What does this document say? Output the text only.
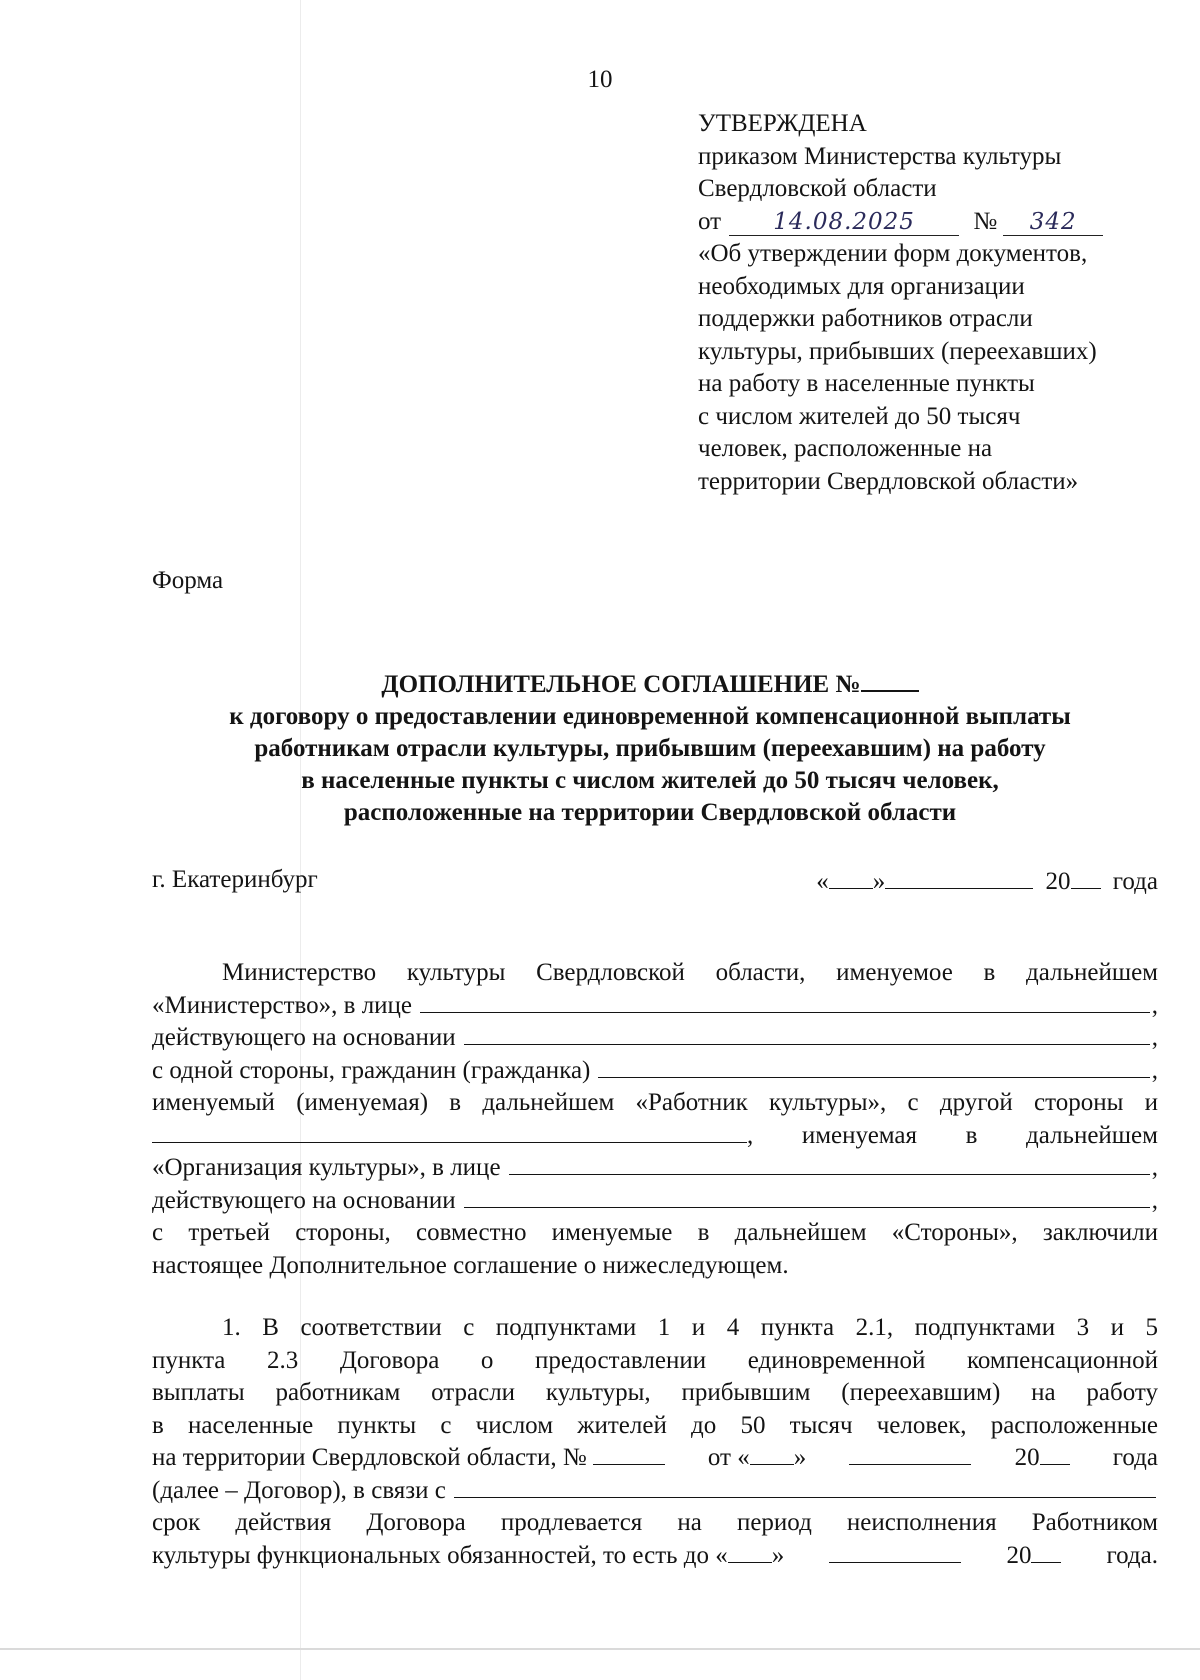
10
УТВЕРЖДЕНА
приказом Министерства культуры
Свердловской области
от 14.08.2025 № 342
«Об утверждении форм документов,
необходимых для организации
поддержки работников отрасли
культуры, прибывших (переехавших)
на работу в населенные пункты
с числом жителей до 50 тысяч
человек, расположенные на
территории Свердловской области»
Форма
ДОПОЛНИТЕЛЬНОЕ СОГЛАШЕНИЕ №
к договору о предоставлении единовременной компенсационной выплаты
работникам отрасли культуры, прибывшим (переехавшим) на работу
в населенные пункты с числом жителей до 50 тысяч человек,
расположенные на территории Свердловской области
г. Екатеринбург	« »	20 года
Министерство культуры Свердловской области, именуемое в дальнейшем
«Министерство», в лице	,
действующего на основании	,
с одной стороны, гражданин (гражданка)	,
именуемый (именуемая) в дальнейшем «Работник культуры», с другой стороны и
, именуемая в дальнейшем
«Организация культуры», в лице	,
действующего на основании	,
с третьей стороны, совместно именуемые в дальнейшем «Стороны», заключили
настоящее Дополнительное соглашение о нижеследующем.
1. В соответствии с подпунктами 1 и 4 пункта 2.1, подпунктами 3 и 5
пункта 2.3 Договора о предоставлении единовременной компенсационной
выплаты работникам отрасли культуры, прибывшим (переехавшим) на работу
в населенные пункты с числом жителей до 50 тысяч человек, расположенные
на территории Свердловской области, №	от « »	20	года
(далее – Договор), в связи с
срок действия Договора продлевается на период неисполнения Работником
культуры функциональных обязанностей, то есть до « »	20	года.
